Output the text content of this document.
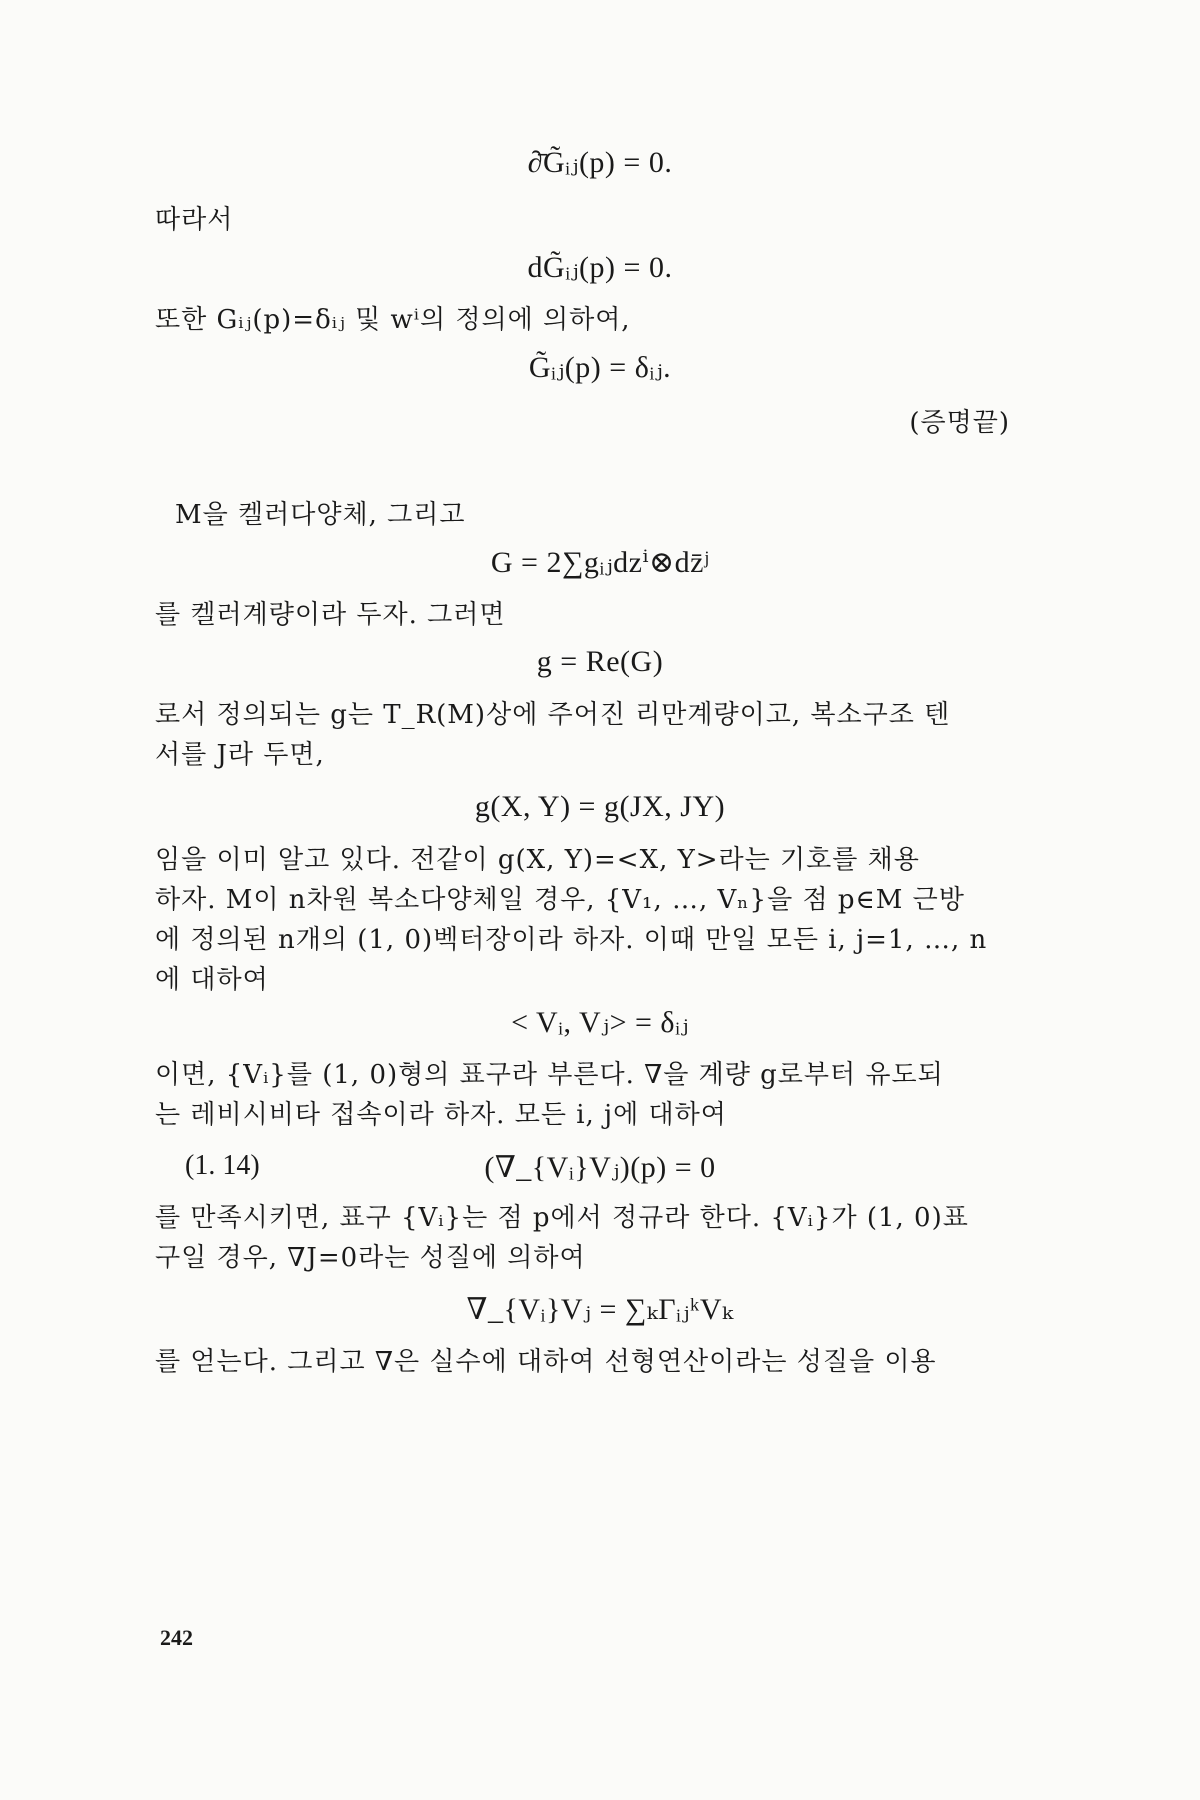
∂̄G̃ᵢⱼ(p) = 0.
따라서
dG̃ᵢⱼ(p) = 0.
또한 Gᵢⱼ(p)=δᵢⱼ 및 wⁱ의 정의에 의하여,
G̃ᵢⱼ(p) = δᵢⱼ.
(증명끝)
M을 켈러다양체, 그리고
G = 2∑gᵢⱼdzⁱ⊗dz̄ʲ
를 켈러계량이라 두자. 그러면
g = Re(G)
로서 정의되는 g는 T_R(M)상에 주어진 리만계량이고, 복소구조 텐
서를 J라 두면,
g(X, Y) = g(JX, JY)
임을 이미 알고 있다. 전같이 g(X, Y)=<X, Y>라는 기호를 채용
하자. M이 n차원 복소다양체일 경우, {V₁, …, Vₙ}을 점 p∈M 근방
에 정의된 n개의 (1, 0)벡터장이라 하자. 이때 만일 모든 i, j=1, …, n
에 대하여
< Vᵢ, Vⱼ> = δᵢⱼ
이면, {Vᵢ}를 (1, 0)형의 표구라 부른다. ∇을 계량 g로부터 유도되
는 레비시비타 접속이라 하자. 모든 i, j에 대하여
(1. 14)	(∇_{Vᵢ}Vⱼ)(p) = 0
를 만족시키면, 표구 {Vᵢ}는 점 p에서 정규라 한다. {Vᵢ}가 (1, 0)표
구일 경우, ∇J=0라는 성질에 의하여
∇_{Vᵢ}Vⱼ = ∑ₖΓᵢⱼᵏVₖ
를 얻는다. 그리고 ∇은 실수에 대하여 선형연산이라는 성질을 이용
242
